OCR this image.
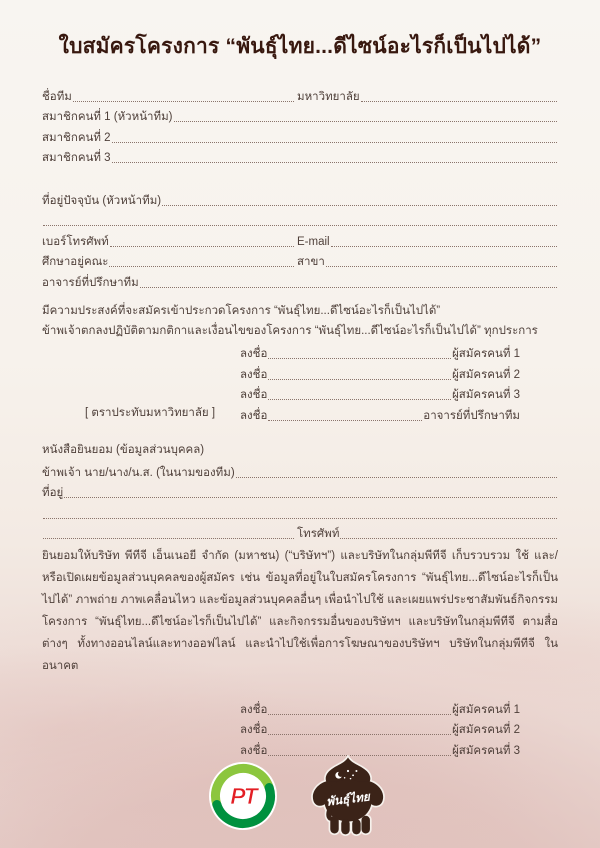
ใบสมัครโครงการ “พันธุ์ไทย...ดีไซน์อะไรก็เป็นไปได้”
ชื่อทีม	มหาวิทยาลัย
สมาชิกคนที่ 1 (หัวหน้าทีม)
สมาชิกคนที่ 2
สมาชิกคนที่ 3
ที่อยู่ปัจจุบัน (หัวหน้าทีม)
เบอร์โทรศัพท์	E-mail
ศึกษาอยู่คณะ	สาขา
อาจารย์ที่ปรึกษาทีม
มีความประสงค์ที่จะสมัครเข้าประกวดโครงการ “พันธุ์ไทย...ดีไซน์อะไรก็เป็นไปได้”
ข้าพเจ้าตกลงปฏิบัติตามกติกาและเงื่อนไขของโครงการ “พันธุ์ไทย...ดีไซน์อะไรก็เป็นไปได้” ทุกประการ
ลงชื่อ	ผู้สมัครคนที่ 1
ลงชื่อ	ผู้สมัครคนที่ 2
ลงชื่อ	ผู้สมัครคนที่ 3
[ ตราประทับมหาวิทยาลัย ]	ลงชื่อ	อาจารย์ที่ปรึกษาทีม
หนังสือยินยอม (ข้อมูลส่วนบุคคล)
ข้าพเจ้า นาย/นาง/น.ส. (ในนามของทีม)
ที่อยู่
โทรศัพท์
ยินยอมให้บริษัท พีทีจี เอ็นเนอยี จำกัด (มหาชน) (“บริษัทฯ”) และบริษัทในกลุ่มพีทีจี เก็บรวบรวม ใช้ และ/หรือเปิดเผยข้อมูลส่วนบุคคลของผู้สมัคร เช่น ข้อมูลที่อยู่ในใบสมัครโครงการ “พันธุ์ไทย...ดีไซน์อะไรก็เป็นไปได้” ภาพถ่าย ภาพเคลื่อนไหว และข้อมูลส่วนบุคคลอื่นๆ เพื่อนำไปใช้ และเผยแพร่ประชาสัมพันธ์กิจกรรมโครงการ “พันธุ์ไทย...ดีไซน์อะไรก็เป็นไปได้” และกิจกรรมอื่นของบริษัทฯ และบริษัทในกลุ่มพีทีจี ตามสื่อต่างๆ ทั้งทางออนไลน์และทางออฟไลน์ และนำไปใช้เพื่อการโฆษณาของบริษัทฯ บริษัทในกลุ่มพีทีจี ในอนาคต
ลงชื่อ	ผู้สมัครคนที่ 1
ลงชื่อ	ผู้สมัครคนที่ 2
ลงชื่อ	ผู้สมัครคนที่ 3
PT	พันธุ์ไทย
